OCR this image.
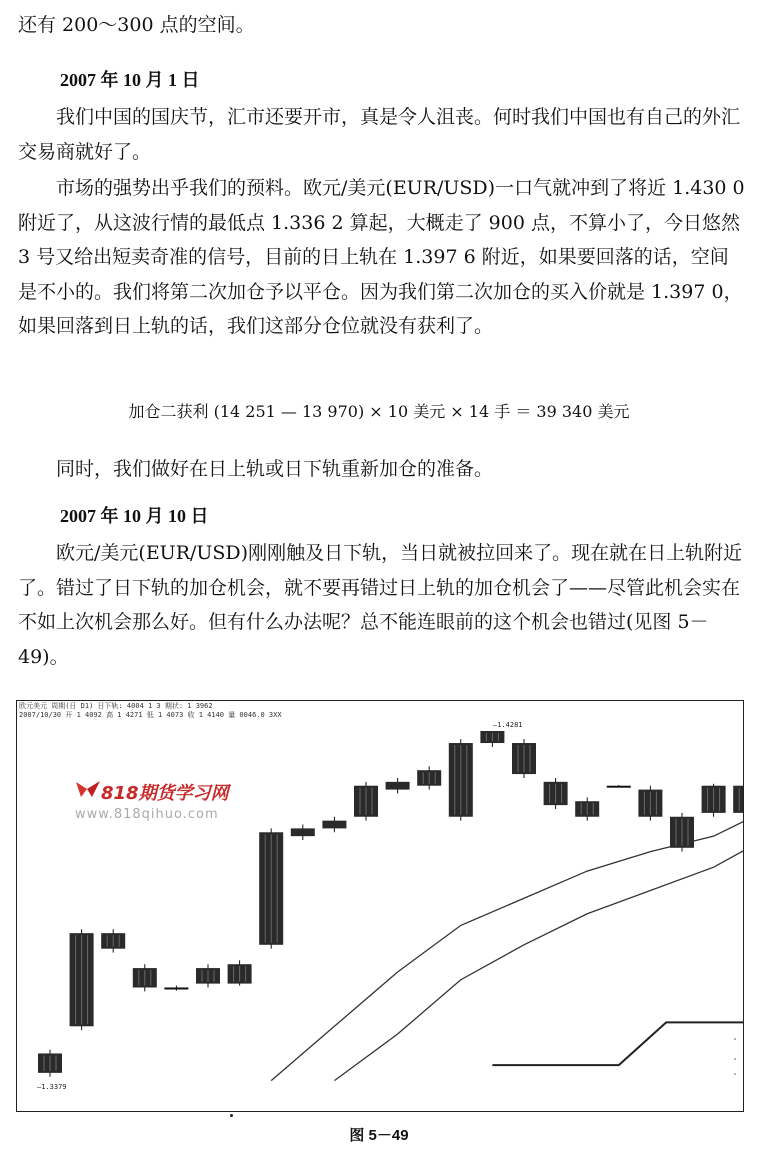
还有 200～300 点的空间。

2007 年 10 月 1 日

我们中国的国庆节，汇市还要开市，真是令人沮丧。何时我们中国也有自己的外汇交易商就好了。

市场的强势出乎我们的预料。欧元/美元(EUR/USD)一口气就冲到了将近 1.430 0 附近了，从这波行情的最低点 1.336 2 算起，大概走了 900 点，不算小了，今日悠然 3 号又给出短卖奇准的信号，目前的日上轨在 1.397 6 附近，如果要回落的话，空间是不小的。我们将第二次加仓予以平仓。因为我们第二次加仓的买入价就是 1.397 0，如果回落到日上轨的话，我们这部分仓位就没有获利了。

加仓二获利 (14 251 — 13 970) × 10 美元 × 14 手 ＝ 39 340 美元

同时，我们做好在日上轨或日下轨重新加仓的准备。

2007 年 10 月 10 日

欧元/美元(EUR/USD)刚刚触及日下轨，当日就被拉回来了。现在就在日上轨附近了。错过了日下轨的加仓机会，就不要再错过日上轨的加仓机会了——尽管此机会实在不如上次机会那么好。但有什么办法呢？总不能连眼前的这个机会也错过(见图 5－49)。

欧元美元 周期(日 D1) 日下轨: 4004 1 3 期状: 1 3962
2007/10/30 开 1 4092 高 1 4271 低 1 4073 收 1 4140 量 0046.0 3XX
818期货学习网
www.818qihuo.com
—1.4281
—1.3379
图 5－49
